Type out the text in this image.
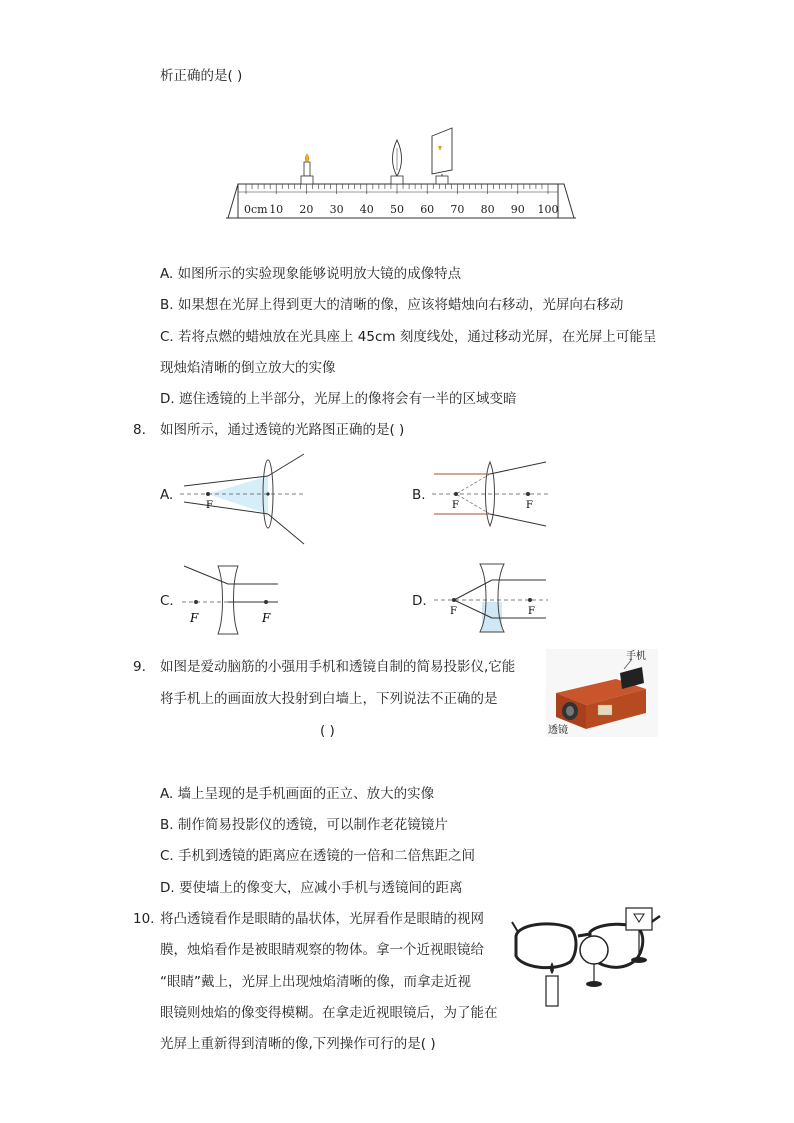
析正确的是( )
0cm 10 20 30 40 50 60 70 80 90 100
A. 如图所示的实验现象能够说明放大镜的成像特点
B. 如果想在光屏上得到更大的清晰的像，应该将蜡烛向右移动，光屏向右移动
C. 若将点燃的蜡烛放在光具座上 45cm 刻度线处，通过移动光屏，在光屏上可能呈
现烛焰清晰的倒立放大的实像
D. 遮住透镜的上半部分，光屏上的像将会有一半的区域变暗
8. 如图所示，通过透镜的光路图正确的是( )
A.
F
B.
F	F
C.
F	F
D.
F	F
9. 如图是爱动脑筋的小强用手机和透镜自制的简易投影仪,它能
将手机上的画面放大投射到白墙上，下列说法不正确的是
( )
手机
透镜
A. 墙上呈现的是手机画面的正立、放大的实像
B. 制作简易投影仪的透镜，可以制作老花镜镜片
C. 手机到透镜的距离应在透镜的一倍和二倍焦距之间
D. 要使墙上的像变大，应减小手机与透镜间的距离
10. 将凸透镜看作是眼睛的晶状体，光屏看作是眼睛的视网
膜，烛焰看作是被眼睛观察的物体。拿一个近视眼镜给
“眼睛”戴上，光屏上出现烛焰清晰的像，而拿走近视
眼镜则烛焰的像变得模糊。在拿走近视眼镜后，为了能在
光屏上重新得到清晰的像,下列操作可行的是( )
